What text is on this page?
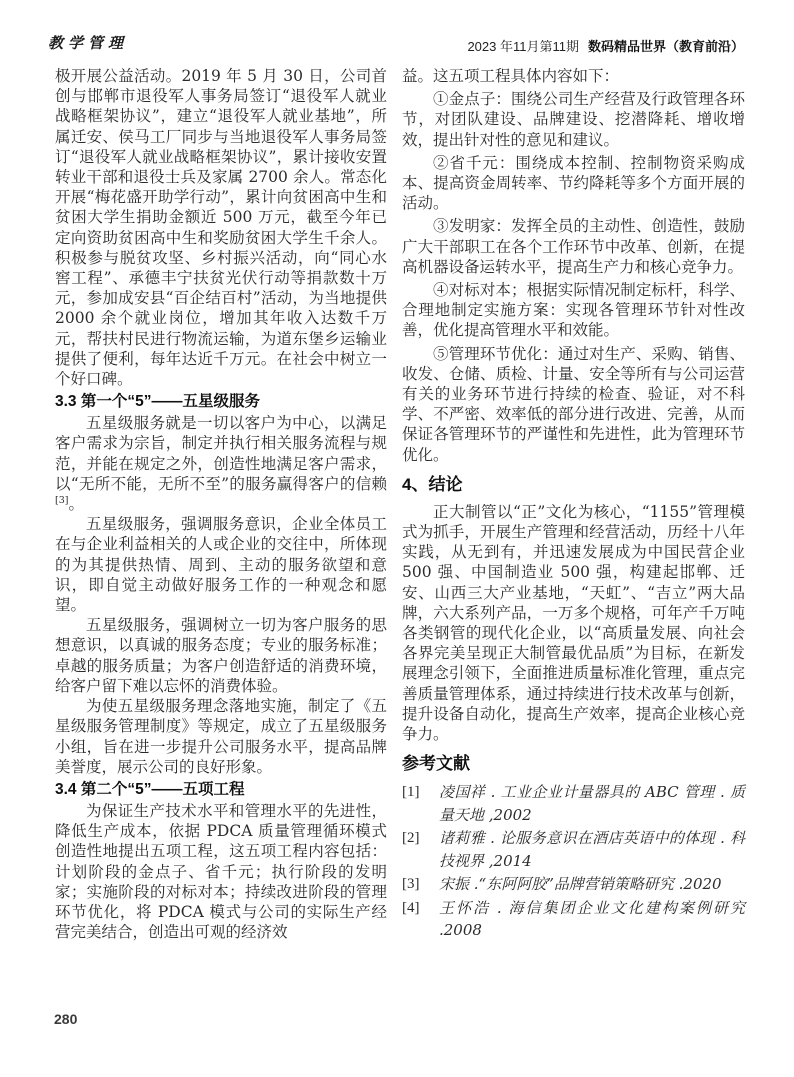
教学管理	2023 年11月第11期 数码精品世界（教育前沿）

极开展公益活动。2019 年 5 月 30 日，公司首创与邯郸市退役军人事务局签订“退役军人就业战略框架协议”，建立“退役军人就业基地”，所属迁安、侯马工厂同步与当地退役军人事务局签订“退役军人就业战略框架协议”，累计接收安置转业干部和退役士兵及家属 2700 余人。常态化开展“梅花盛开助学行动”，累计向贫困高中生和贫困大学生捐助金额近 500 万元，截至今年已定向资助贫困高中生和奖励贫困大学生千余人。积极参与脱贫攻坚、乡村振兴活动，向“同心水窖工程”、承德丰宁扶贫光伏行动等捐款数十万元，参加成安县“百企结百村”活动，为当地提供 2000 余个就业岗位，增加其年收入达数千万元，帮扶村民进行物流运输，为道东堡乡运输业提供了便利，每年达近千万元。在社会中树立一个好口碑。

3.3 第一个“5”——五星级服务

五星级服务就是一切以客户为中心，以满足客户需求为宗旨，制定并执行相关服务流程与规范，并能在规定之外，创造性地满足客户需求，以“无所不能，无所不至”的服务赢得客户的信赖 [3]。

五星级服务，强调服务意识，企业全体员工在与企业利益相关的人或企业的交往中，所体现的为其提供热情、周到、主动的服务欲望和意识，即自觉主动做好服务工作的一种观念和愿望。

五星级服务，强调树立一切为客户服务的思想意识，以真诚的服务态度；专业的服务标准；卓越的服务质量；为客户创造舒适的消费环境，给客户留下难以忘怀的消费体验。

为使五星级服务理念落地实施，制定了《五星级服务管理制度》等规定，成立了五星级服务小组，旨在进一步提升公司服务水平，提高品牌美誉度，展示公司的良好形象。

3.4 第二个“5”——五项工程

为保证生产技术水平和管理水平的先进性，降低生产成本，依据 PDCA 质量管理循环模式创造性地提出五项工程，这五项工程内容包括：计划阶段的金点子、省千元；执行阶段的发明家；实施阶段的对标对本；持续改进阶段的管理环节优化，将 PDCA 模式与公司的实际生产经营完美结合，创造出可观的经济效

益。这五项工程具体内容如下：

①金点子：围绕公司生产经营及行政管理各环节，对团队建设、品牌建设、挖潜降耗、增收增效，提出针对性的意见和建议。

②省千元：围绕成本控制、控制物资采购成本、提高资金周转率、节约降耗等多个方面开展的活动。

③发明家：发挥全员的主动性、创造性，鼓励广大干部职工在各个工作环节中改革、创新，在提高机器设备运转水平，提高生产力和核心竞争力。

④对标对本；根据实际情况制定标杆，科学、合理地制定实施方案：实现各管理环节针对性改善，优化提高管理水平和效能。

⑤管理环节优化：通过对生产、采购、销售、收发、仓储、质检、计量、安全等所有与公司运营有关的业务环节进行持续的检查、验证，对不科学、不严密、效率低的部分进行改进、完善，从而保证各管理环节的严谨性和先进性，此为管理环节优化。

4、结论

正大制管以“正”文化为核心，“1155”管理模式为抓手，开展生产管理和经营活动，历经十八年实践，从无到有，并迅速发展成为中国民营企业 500 强、中国制造业 500 强，构建起邯郸、迁安、山西三大产业基地，“天虹”、“吉立”两大品牌，六大系列产品，一万多个规格，可年产千万吨各类钢管的现代化企业，以“高质量发展、向社会各界完美呈现正大制管最优品质”为目标，在新发展理念引领下，全面推进质量标准化管理，重点完善质量管理体系，通过持续进行技术改革与创新，提升设备自动化，提高生产效率，提高企业核心竞争力。

参考文献
[1]	凌国祥 . 工业企业计量器具的 ABC 管理 . 质量天地 ,2002
[2]	诸莉雅 . 论服务意识在酒店英语中的体现 . 科技视界 ,2014
[3]	宋振 .“东阿阿胶”品牌营销策略研究 .2020
[4]	王怀浩 . 海信集团企业文化建构案例研究 .2008
280
